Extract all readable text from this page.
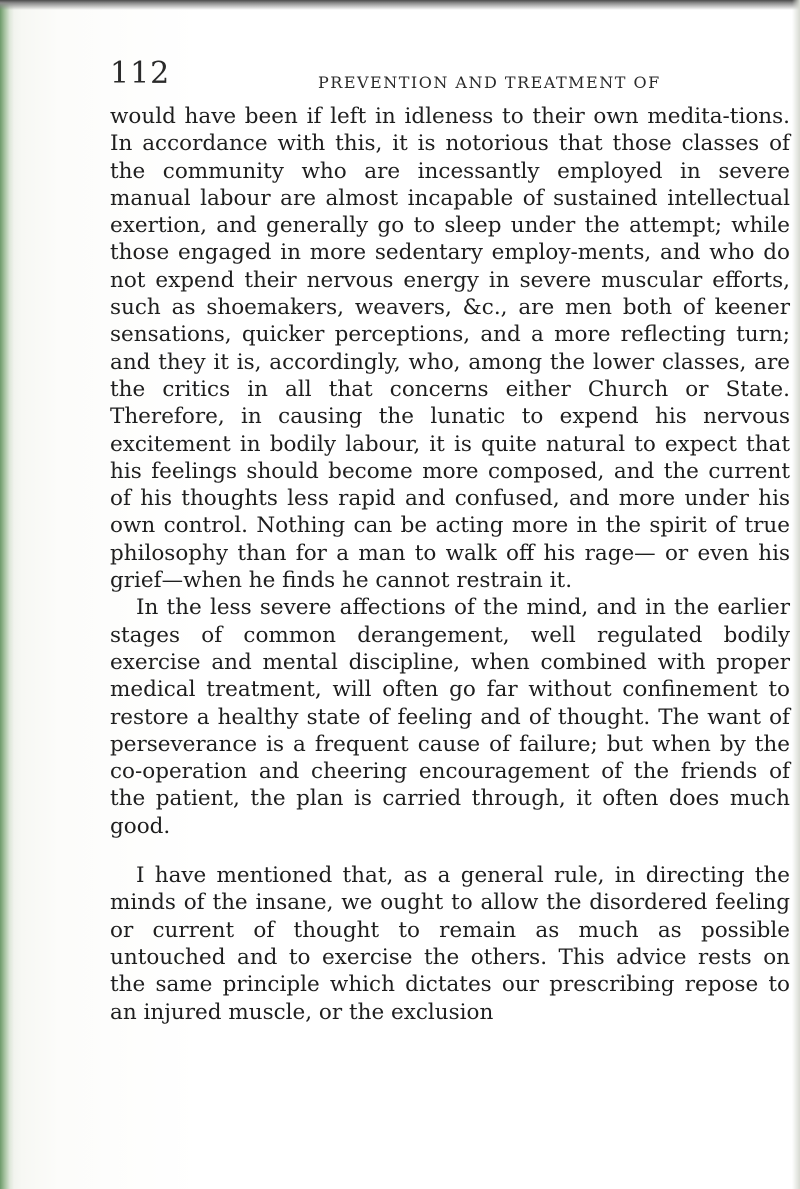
112	PREVENTION AND TREATMENT OF

would have been if left in idleness to their own medita-tions. In accordance with this, it is notorious that those classes of the community who are incessantly employed in severe manual labour are almost incapable of sustained intellectual exertion, and generally go to sleep under the attempt; while those engaged in more sedentary employ-ments, and who do not expend their nervous energy in severe muscular efforts, such as shoemakers, weavers, &c., are men both of keener sensations, quicker perceptions, and a more reflecting turn; and they it is, accordingly, who, among the lower classes, are the critics in all that concerns either Church or State. Therefore, in causing the lunatic to expend his nervous excitement in bodily labour, it is quite natural to expect that his feelings should become more composed, and the current of his thoughts less rapid and confused, and more under his own control. Nothing can be acting more in the spirit of true philosophy than for a man to walk off his rage— or even his grief—when he finds he cannot restrain it.

In the less severe affections of the mind, and in the earlier stages of common derangement, well regulated bodily exercise and mental discipline, when combined with proper medical treatment, will often go far without confinement to restore a healthy state of feeling and of thought. The want of perseverance is a frequent cause of failure; but when by the co-operation and cheering encouragement of the friends of the patient, the plan is carried through, it often does much good.

I have mentioned that, as a general rule, in directing the minds of the insane, we ought to allow the disordered feeling or current of thought to remain as much as possible untouched and to exercise the others. This advice rests on the same principle which dictates our prescribing repose to an injured muscle, or the exclusion
